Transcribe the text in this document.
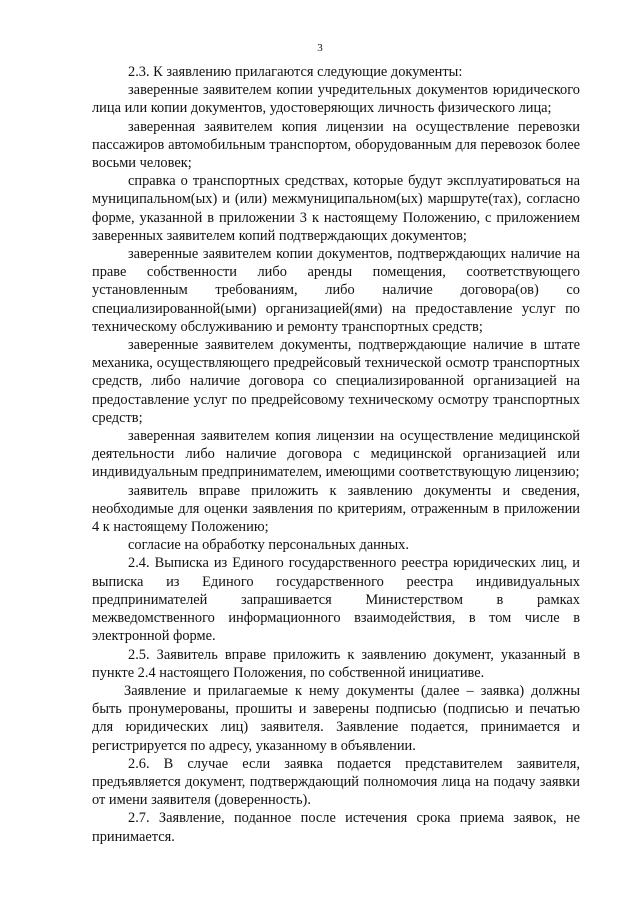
3

2.3. К заявлению прилагаются следующие документы:

заверенные заявителем копии учредительных документов юридического лица или копии документов, удостоверяющих личность физического лица;

заверенная заявителем копия лицензии на осуществление перевозки пассажиров автомобильным транспортом, оборудованным для перевозок более восьми человек;

справка о транспортных средствах, которые будут эксплуатироваться на муниципальном(ых) и (или) межмуниципальном(ых) маршруте(тах), согласно форме, указанной в приложении 3 к настоящему Положению, с приложением заверенных заявителем копий подтверждающих документов;

заверенные заявителем копии документов, подтверждающих наличие на праве собственности либо аренды помещения, соответствующего установленным требованиям, либо наличие договора(ов) со специализированной(ыми) организацией(ями) на предоставление услуг по техническому обслуживанию и ремонту транспортных средств;

заверенные заявителем документы, подтверждающие наличие в штате механика, осуществляющего предрейсовый технической осмотр транспортных средств, либо наличие договора со специализированной организацией на предоставление услуг по предрейсовому техническому осмотру транспортных средств;

заверенная заявителем копия лицензии на осуществление медицинской деятельности либо наличие договора с медицинской организацией или индивидуальным предпринимателем, имеющими соответствующую лицензию;

заявитель вправе приложить к заявлению документы и сведения, необходимые для оценки заявления по критериям, отраженным в приложении 4 к настоящему Положению;

согласие на обработку персональных данных.

2.4. Выписка из Единого государственного реестра юридических лиц, и выписка из Единого государственного реестра индивидуальных предпринимателей запрашивается Министерством в рамках межведомственного информационного взаимодействия, в том числе в электронной форме.

2.5. Заявитель вправе приложить к заявлению документ, указанный в пункте 2.4 настоящего Положения, по собственной инициативе.

Заявление и прилагаемые к нему документы (далее – заявка) должны быть пронумерованы, прошиты и заверены подписью (подписью и печатью для юридических лиц) заявителя. Заявление подается, принимается и регистрируется по адресу, указанному в объявлении.

2.6. В случае если заявка подается представителем заявителя, предъявляется документ, подтверждающий полномочия лица на подачу заявки от имени заявителя (доверенность).

2.7. Заявление, поданное после истечения срока приема заявок, не принимается.
